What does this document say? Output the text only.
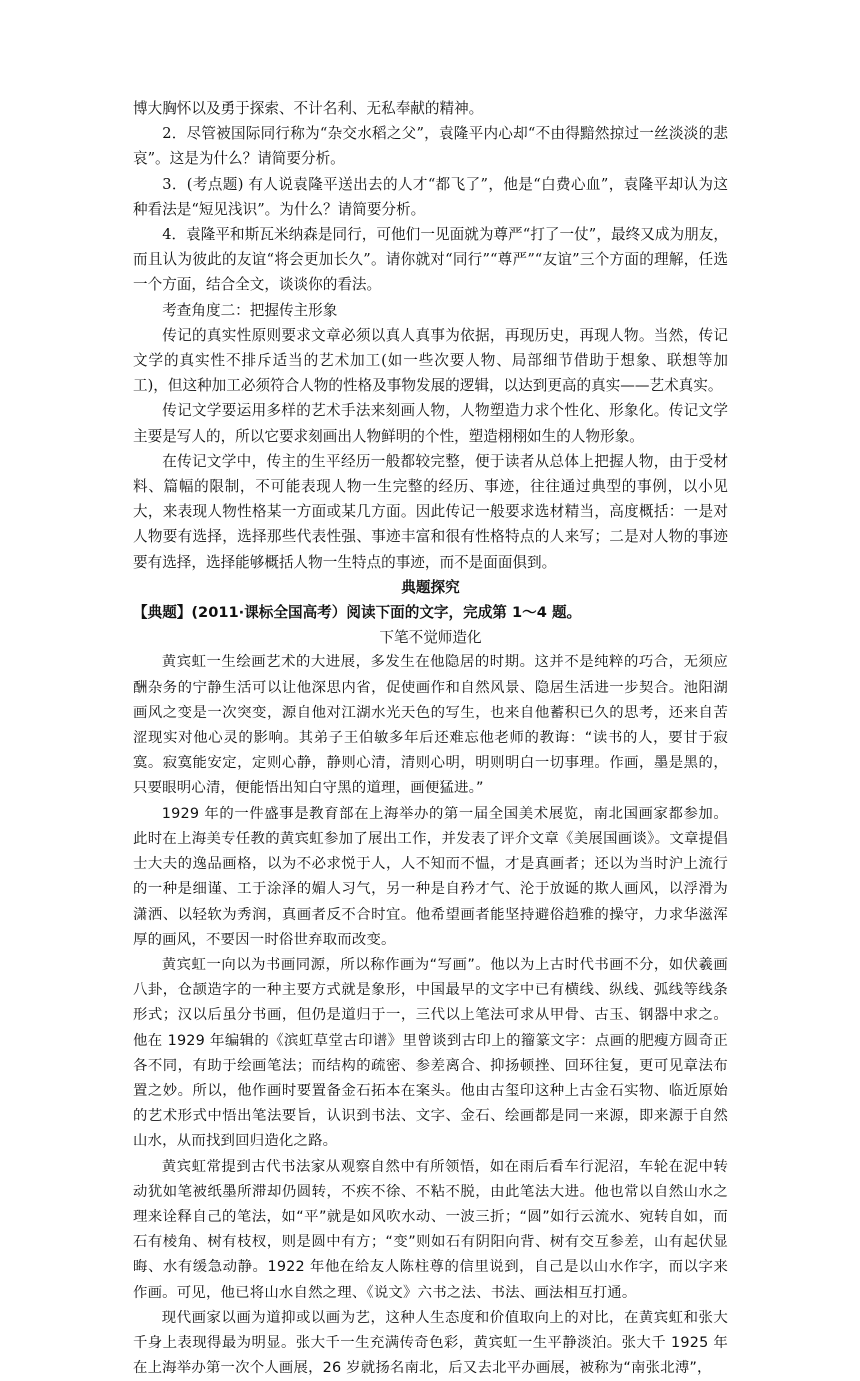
博大胸怀以及勇于探索、不计名利、无私奉献的精神。

2．尽管被国际同行称为“杂交水稻之父”，袁隆平内心却“不由得黯然掠过一丝淡淡的悲哀”。这是为什么？请简要分析。

3．(考点题) 有人说袁隆平送出去的人才“都飞了”，他是“白费心血”，袁隆平却认为这种看法是“短见浅识”。为什么？请简要分析。

4．袁隆平和斯瓦米纳森是同行，可他们一见面就为尊严“打了一仗”，最终又成为朋友，而且认为彼此的友谊“将会更加长久”。请你就对“同行”“尊严”“友谊”三个方面的理解，任选一个方面，结合全文，谈谈你的看法。

考查角度二：把握传主形象

传记的真实性原则要求文章必须以真人真事为依据，再现历史，再现人物。当然，传记文学的真实性不排斥适当的艺术加工(如一些次要人物、局部细节借助于想象、联想等加工)，但这种加工必须符合人物的性格及事物发展的逻辑，以达到更高的真实——艺术真实。

传记文学要运用多样的艺术手法来刻画人物，人物塑造力求个性化、形象化。传记文学主要是写人的，所以它要求刻画出人物鲜明的个性，塑造栩栩如生的人物形象。

在传记文学中，传主的生平经历一般都较完整，便于读者从总体上把握人物，由于受材料、篇幅的限制，不可能表现人物一生完整的经历、事迹，往往通过典型的事例，以小见大，来表现人物性格某一方面或某几方面。因此传记一般要求选材精当，高度概括：一是对人物要有选择，选择那些代表性强、事迹丰富和很有性格特点的人来写；二是对人物的事迹要有选择，选择能够概括人物一生特点的事迹，而不是面面俱到。

典题探究

【典题】(2011·课标全国高考）阅读下面的文字，完成第 1～4 题。

下笔不觉师造化

黄宾虹一生绘画艺术的大进展，多发生在他隐居的时期。这并不是纯粹的巧合，无须应酬杂务的宁静生活可以让他深思内省，促使画作和自然风景、隐居生活进一步契合。池阳湖画风之变是一次突变，源自他对江湖水光天色的写生，也来自他蓄积已久的思考，还来自苦涩现实对他心灵的影响。其弟子王伯敏多年后还难忘他老师的教诲：“读书的人，要甘于寂寞。寂寞能安定，定则心静，静则心清，清则心明，明则明白一切事理。作画，墨是黑的，只要眼明心清，便能悟出知白守黑的道理，画便猛进。”

1929 年的一件盛事是教育部在上海举办的第一届全国美术展览，南北国画家都参加。此时在上海美专任教的黄宾虹参加了展出工作，并发表了评介文章《美展国画谈》。文章提倡士大夫的逸品画格，以为不必求悦于人，人不知而不愠，才是真画者；还以为当时沪上流行的一种是细谨、工于涂泽的媚人习气，另一种是自矜才气、沦于放诞的欺人画风，以浮滑为潇洒、以轻软为秀润，真画者反不合时宜。他希望画者能坚持避俗趋雅的操守，力求华滋浑厚的画风，不要因一时俗世弃取而改变。

黄宾虹一向以为书画同源，所以称作画为“写画”。他以为上古时代书画不分，如伏羲画八卦，仓颉造字的一种主要方式就是象形，中国最早的文字中已有横线、纵线、弧线等线条形式；汉以后虽分书画，但仍是道归于一，三代以上笔法可求从甲骨、古玉、钢器中求之。他在 1929 年编辑的《滨虹草堂古印谱》里曾谈到古印上的籀篆文字：点画的肥瘦方圆奇正各不同，有助于绘画笔法；而结构的疏密、参差离合、抑扬顿挫、回环往复，更可见章法布置之妙。所以，他作画时要置备金石拓本在案头。他由古玺印这种上古金石实物、临近原始的艺术形式中悟出笔法要旨，认识到书法、文字、金石、绘画都是同一来源，即来源于自然山水，从而找到回归造化之路。

黄宾虹常提到古代书法家从观察自然中有所领悟，如在雨后看车行泥沼，车轮在泥中转动犹如笔被纸墨所滞却仍圆转，不疾不徐、不粘不脱，由此笔法大进。他也常以自然山水之理来诠释自己的笔法，如“平”就是如风吹水动、一波三折；“圆”如行云流水、宛转自如，而石有棱角、树有枝杈，则是圆中有方；“变”则如石有阴阳向背、树有交互参差，山有起伏显晦、水有缓急动静。1922 年他在给友人陈柱尊的信里说到，自己是以山水作字，而以字来作画。可见，他已将山水自然之理、《说文》六书之法、书法、画法相互打通。

现代画家以画为道抑或以画为艺，这种人生态度和价值取向上的对比，在黄宾虹和张大千身上表现得最为明显。张大千一生充满传奇色彩，黄宾虹一生平静淡泊。张大千 1925 年在上海举办第一次个人画展，26 岁就扬名南北，后又去北平办画展，被称为“南张北溥”，
